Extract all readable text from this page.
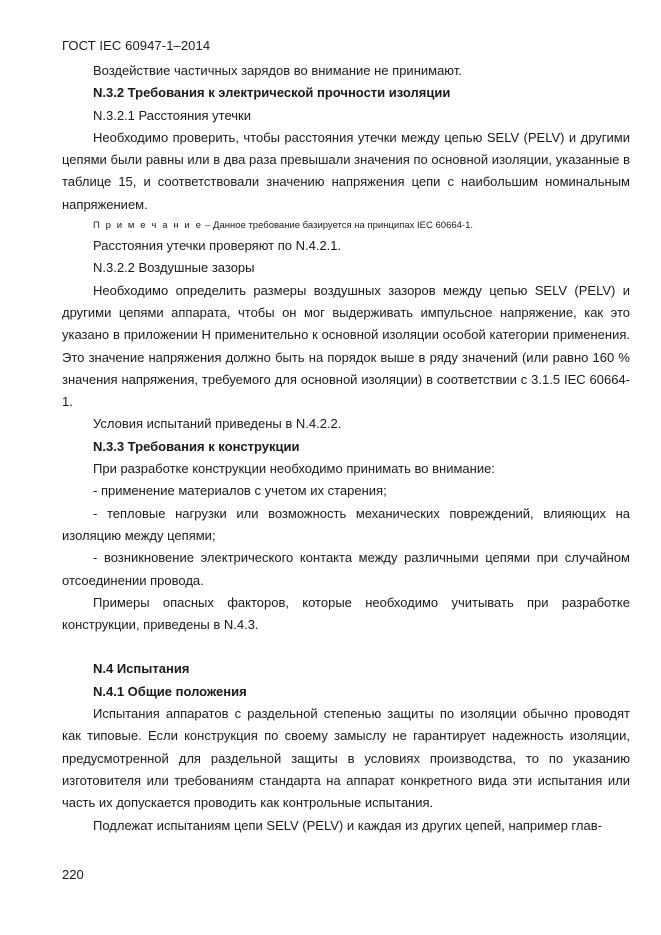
ГОСТ IEC 60947-1–2014

Воздействие частичных зарядов во внимание не принимают.

N.3.2 Требования к электрической прочности изоляции

N.3.2.1 Расстояния утечки

Необходимо проверить, чтобы расстояния утечки между цепью SELV (PELV) и другими цепями были равны или в два раза превышали значения по основной изоляции, указанные в таблице 15, и соответствовали значению напряжения цепи с наибольшим номинальным напряжением.

П р и м е ч а н и е – Данное требование базируется на принципах IEC 60664-1.

Расстояния утечки проверяют по N.4.2.1.

N.3.2.2 Воздушные зазоры

Необходимо определить размеры воздушных зазоров между цепью SELV (PELV) и другими цепями аппарата, чтобы он мог выдерживать импульсное напряжение, как это указано в приложении H применительно к основной изоляции особой категории применения. Это значение напряжения должно быть на порядок выше в ряду значений (или равно 160 % значения напряжения, требуемого для основной изоляции) в соответствии с 3.1.5 IEC 60664-1.

Условия испытаний приведены в N.4.2.2.

N.3.3 Требования к конструкции

При разработке конструкции необходимо принимать во внимание:

- применение материалов с учетом их старения;

- тепловые нагрузки или возможность механических повреждений, влияющих на изоляцию между цепями;

- возникновение электрического контакта между различными цепями при случайном отсоединении провода.

Примеры опасных факторов, которые необходимо учитывать при разработке конструкции, приведены в N.4.3.

N.4 Испытания

N.4.1 Общие положения

Испытания аппаратов с раздельной степенью защиты по изоляции обычно проводят как типовые. Если конструкция по своему замыслу не гарантирует надежность изоляции, предусмотренной для раздельной защиты в условиях производства, то по указанию изготовителя или требованиям стандарта на аппарат конкретного вида эти испытания или часть их допускается проводить как контрольные испытания.

Подлежат испытаниям цепи SELV (PELV) и каждая из других цепей, например глав-

220
